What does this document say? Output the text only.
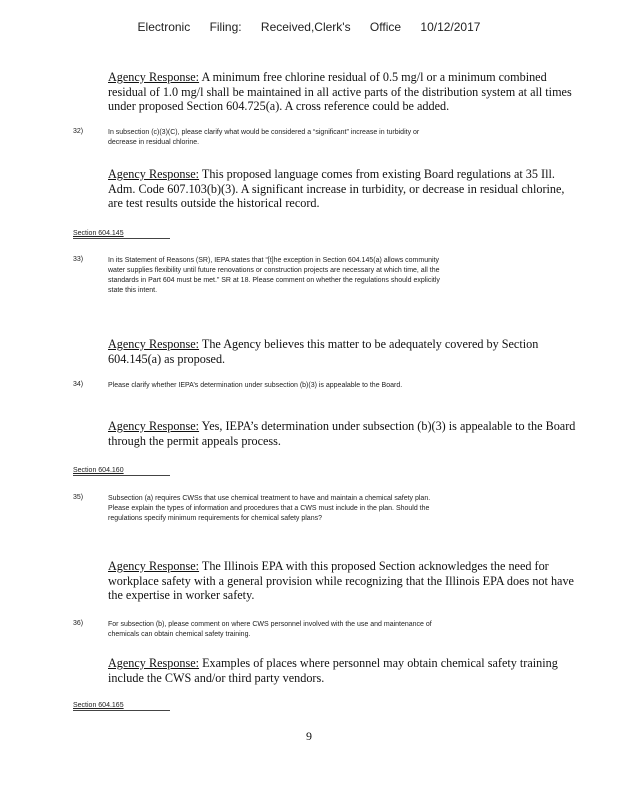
Electronic Filing: Received,Clerk's Office 10/12/2017
Agency Response: A minimum free chlorine residual of 0.5 mg/l or a minimum combined residual of 1.0 mg/l shall be maintained in all active parts of the distribution system at all times under proposed Section 604.725(a). A cross reference could be added.
32)	In subsection (c)(3)(C), please clarify what would be considered a “significant” increase in turbidity or decrease in residual chlorine.
Agency Response: This proposed language comes from existing Board regulations at 35 Ill. Adm. Code 607.103(b)(3). A significant increase in turbidity, or decrease in residual chlorine, are test results outside the historical record.
Section 604.145
33)	In its Statement of Reasons (SR), IEPA states that “[t]he exception in Section 604.145(a) allows community water supplies flexibility until future renovations or construction projects are necessary at which time, all the standards in Part 604 must be met.” SR at 18. Please comment on whether the regulations should explicitly state this intent.
Agency Response: The Agency believes this matter to be adequately covered by Section 604.145(a) as proposed.
34)	Please clarify whether IEPA’s determination under subsection (b)(3) is appealable to the Board.
Agency Response: Yes, IEPA’s determination under subsection (b)(3) is appealable to the Board through the permit appeals process.
Section 604.160
35)	Subsection (a) requires CWSs that use chemical treatment to have and maintain a chemical safety plan. Please explain the types of information and procedures that a CWS must include in the plan. Should the regulations specify minimum requirements for chemical safety plans?
Agency Response: The Illinois EPA with this proposed Section acknowledges the need for workplace safety with a general provision while recognizing that the Illinois EPA does not have the expertise in worker safety.
36)	For subsection (b), please comment on where CWS personnel involved with the use and maintenance of chemicals can obtain chemical safety training.
Agency Response: Examples of places where personnel may obtain chemical safety training include the CWS and/or third party vendors.
Section 604.165
9
